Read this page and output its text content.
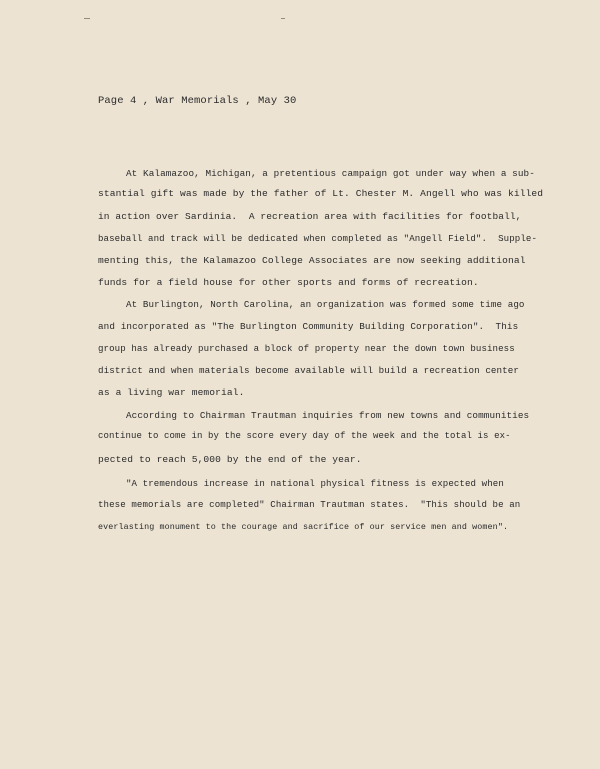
Page 4 , War Memorials , May 30
At Kalamazoo, Michigan, a pretentious campaign got under way when a sub-
stantial gift was made by the father of Lt. Chester M. Angell who was killed
in action over Sardinia.  A recreation area with facilities for football,
baseball and track will be dedicated when completed as "Angell Field".  Supple-
menting this, the Kalamazoo College Associates are now seeking additional
funds for a field house for other sports and forms of recreation.
At Burlington, North Carolina, an organization was formed some time ago
and incorporated as "The Burlington Community Building Corporation".  This
group has already purchased a block of property near the down town business
district and when materials become available will build a recreation center
as a living war memorial.
According to Chairman Trautman inquiries from new towns and communities
continue to come in by the score every day of the week and the total is ex-
pected to reach 5,000 by the end of the year.
"A tremendous increase in national physical fitness is expected when
these memorials are completed" Chairman Trautman states.  "This should be an
everlasting monument to the courage and sacrifice of our service men and women".
